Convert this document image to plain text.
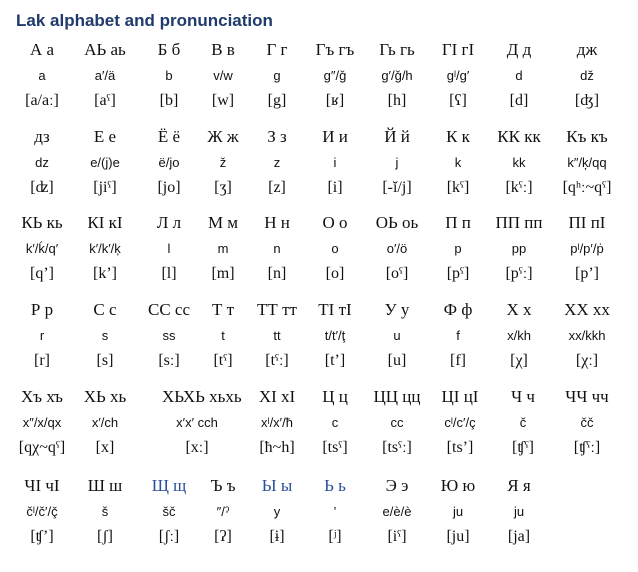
Lak alphabet and pronunciation
А а
a
[a/aː]
АЬ аь
a′/ä
[aˤ]
Б б
b
[b]
В в
v/w
[w]
Г г
g
[g]
Гъ гъ
g″/ǧ
[ʁ]
Гь гь
g′/ǧ/h
[h]
ГӀ гӀ
gˡ/g′
[ʕ]
Д д
d
[d]
дж
dž
[ʤ]
дз
dz
[ʣ]
Е е
e/(j)e
[jiˤ]
Ё ё
ë/jo
[jo]
Ж ж
ž
[ʒ]
З з
z
[z]
И и
i
[i]
Й й
j
[-ĭ/j]
К к
k
[kˤ]
КК кк
kk
[kˤː]
Къ къ
k″/k̦/qq
[qʰː~qˤ]
КЬ кь
k′/ḱ/q′
[q’]
КӀ кӀ
k′/k′/ķ
[k’]
Л л
l
[l]
М м
m
[m]
Н н
n
[n]
О о
o
[o]
ОЬ оь
o′/ö
[oˤ]
П п
p
[pˤ]
ПП пп
pp
[pˤː]
ПӀ пӀ
pˡ/p′/ṗ
[p’]
Р р
r
[r]
С с
s
[s]
СС сс
ss
[sː]
Т т
t
[tˤ]
ТТ тт
tt
[tˤː]
ТӀ тӀ
t/t′/ţ
[t’]
У у
u
[u]
Ф ф
f
[f]
Х х
x/kh
[χ]
ХХ хх
xx/kkh
[χː]
Хъ хъ
x″/x/qx
[qχ~qˤ]
ХЬ хь
x′/ch
[x]
ХЬХЬ хьхь
x′x′ cch
[xː]
ХӀ хӀ
xˡ/x′/ħ
[ħ~h]
Ц ц
c
[tsˤ]
ЦЦ цц
cc
[tsˤː]
ЦӀ цӀ
cˡ/c′/ç
[ts’]
Ч ч
č
[ʧˤ]
ЧЧ чч
čč
[ʧˤː]
ЧӀ чӀ
čˡ/č′/ç̌
[ʧ’]
Ш ш
š
[ʃ]
Щ щ
šč
[ʃː]
Ъ ъ
″/ˀ
[ʔ]
Ы ы
y
[ɨ]
Ь ь
’
[ʲ]
Э э
e/è/è
[iˤ]
Ю ю
ju
[ju]
Я я
ju
[ja]
